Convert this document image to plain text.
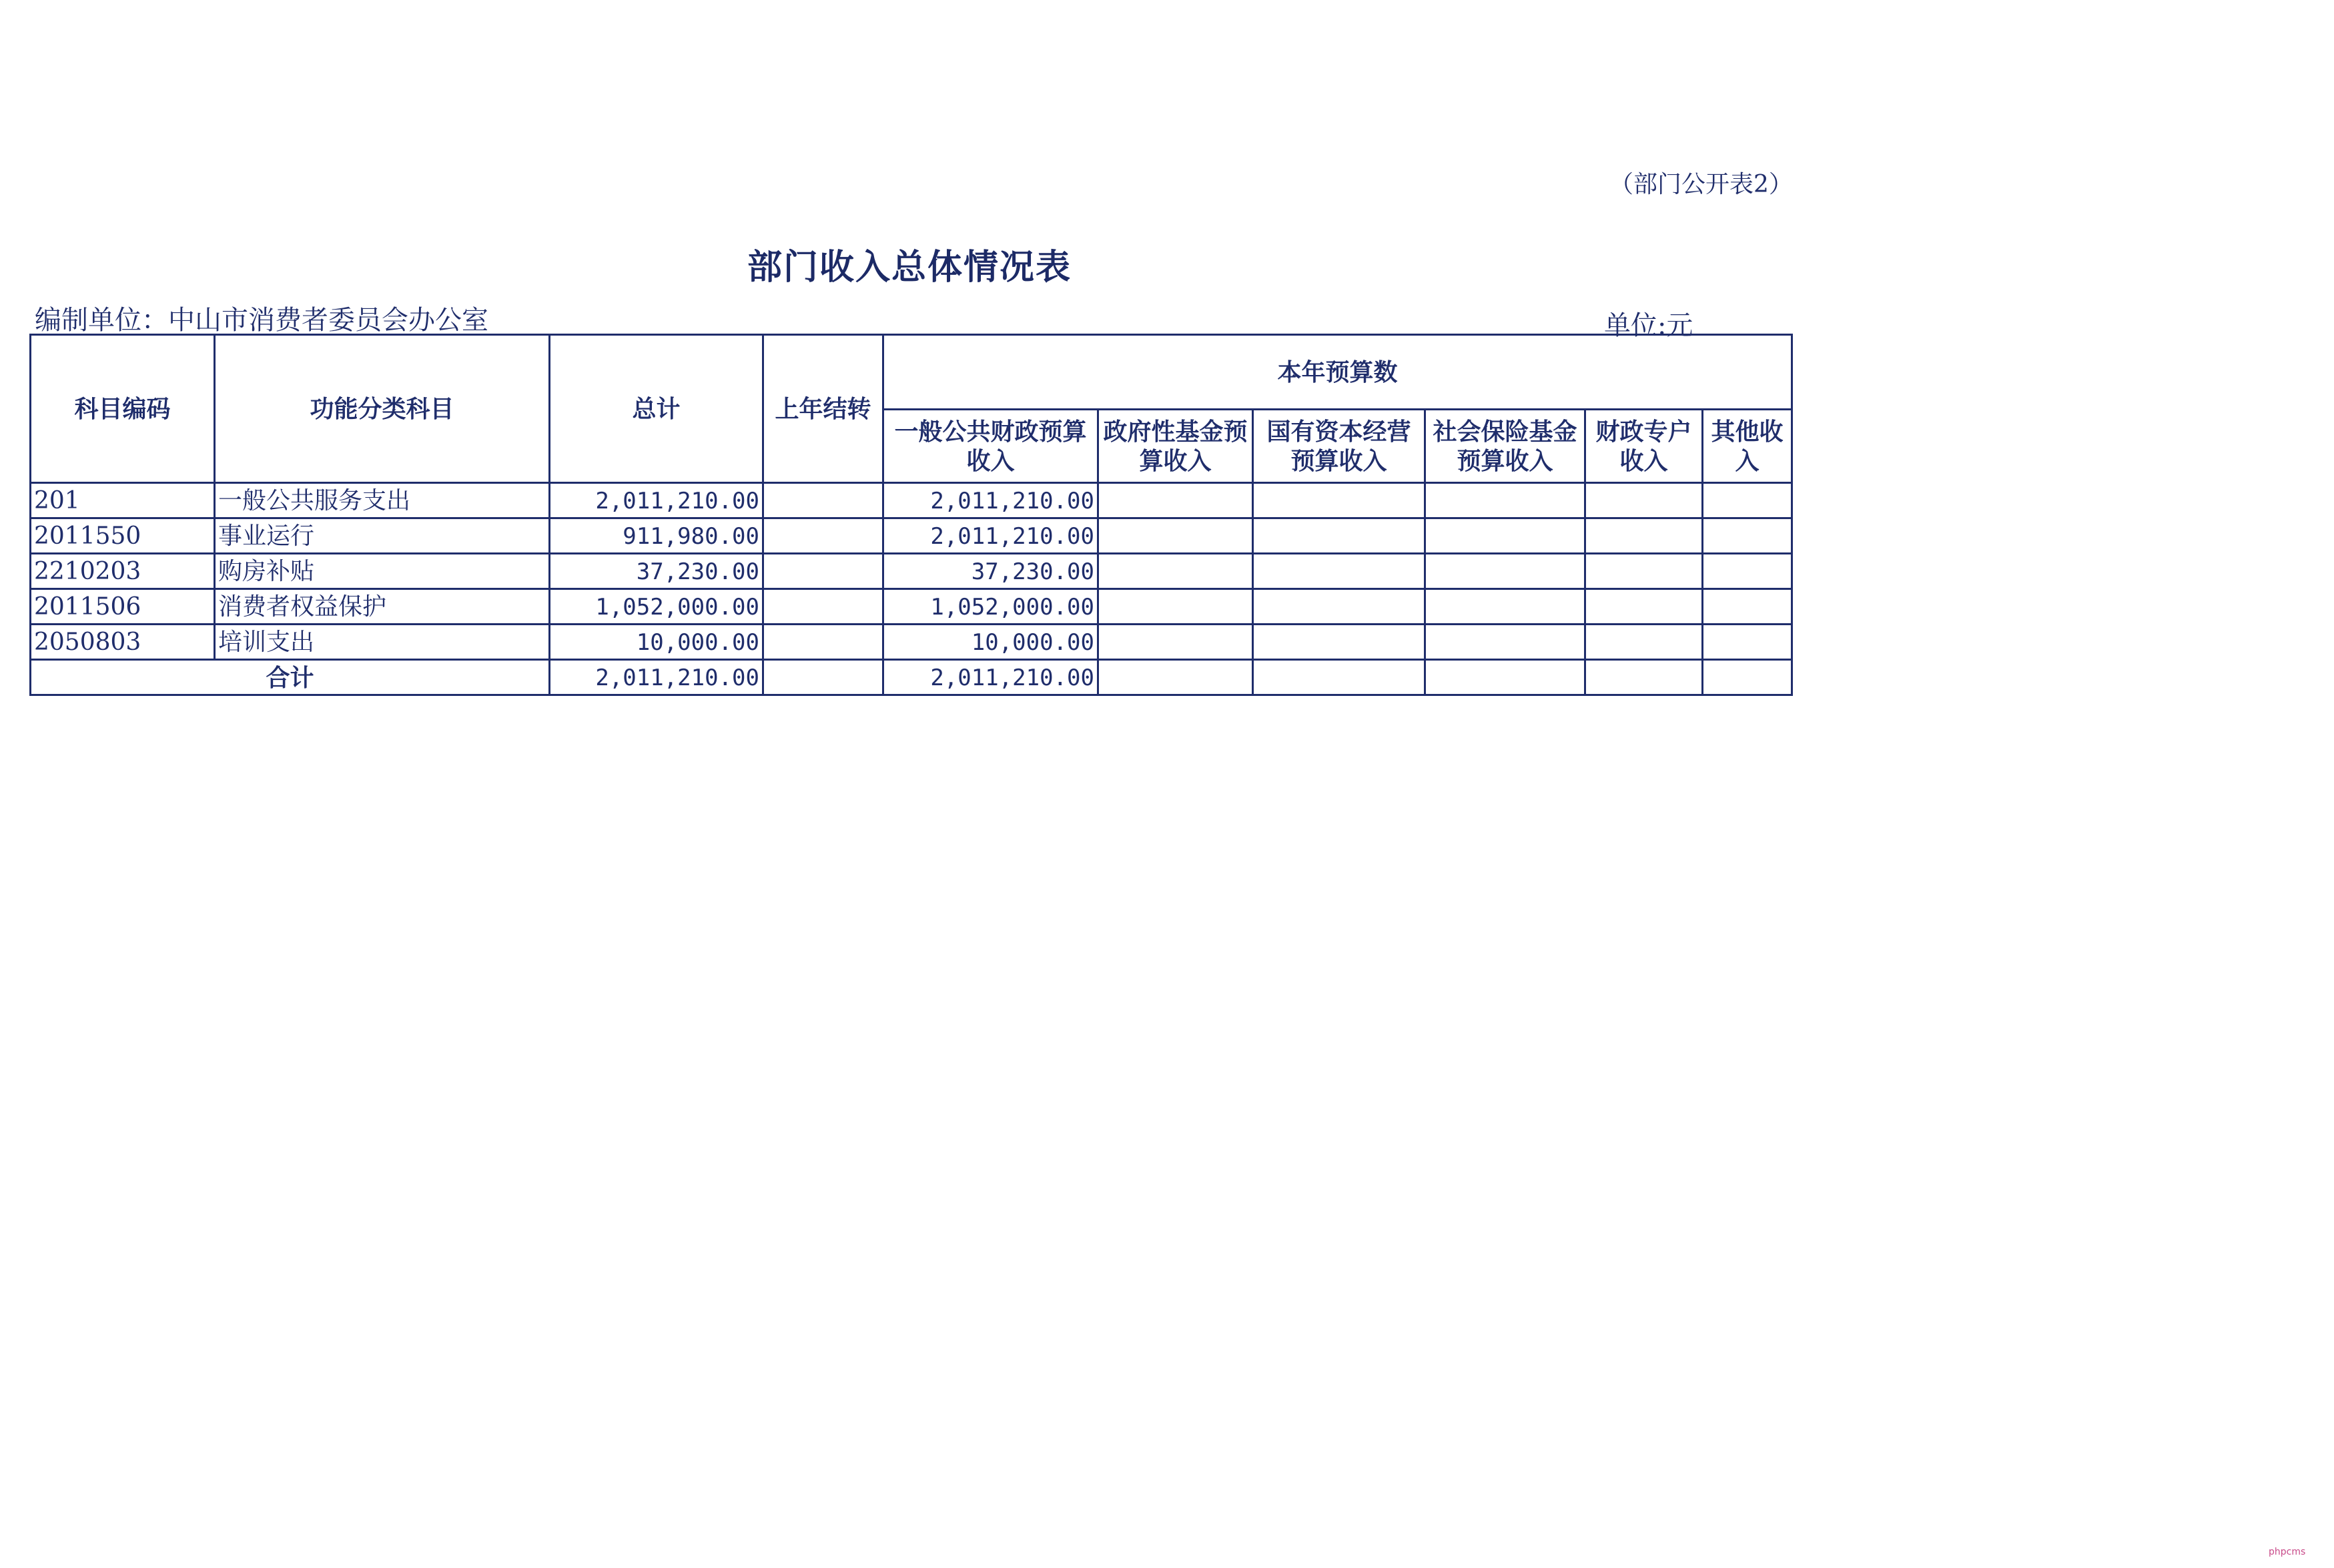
（部门公开表2）
部门收入总体情况表
编制单位：中山市消费者委员会办公室	单位:元
科目编码	功能分类科目	总计	上年结转	本年预算数					
				一般公共财政预算收入	政府性基金预算收入	国有资本经营预算收入	社会保险基金预算收入	财政专户收入	其他收入
201	一般公共服务支出	2,011,210.00		2,011,210.00					
2011550	事业运行	911,980.00		2,011,210.00					
2210203	购房补贴	37,230.00		37,230.00					
2011506	消费者权益保护	1,052,000.00		1,052,000.00					
2050803	培训支出	10,000.00		10,000.00					
合计		2,011,210.00		2,011,210.00					
phpcms
